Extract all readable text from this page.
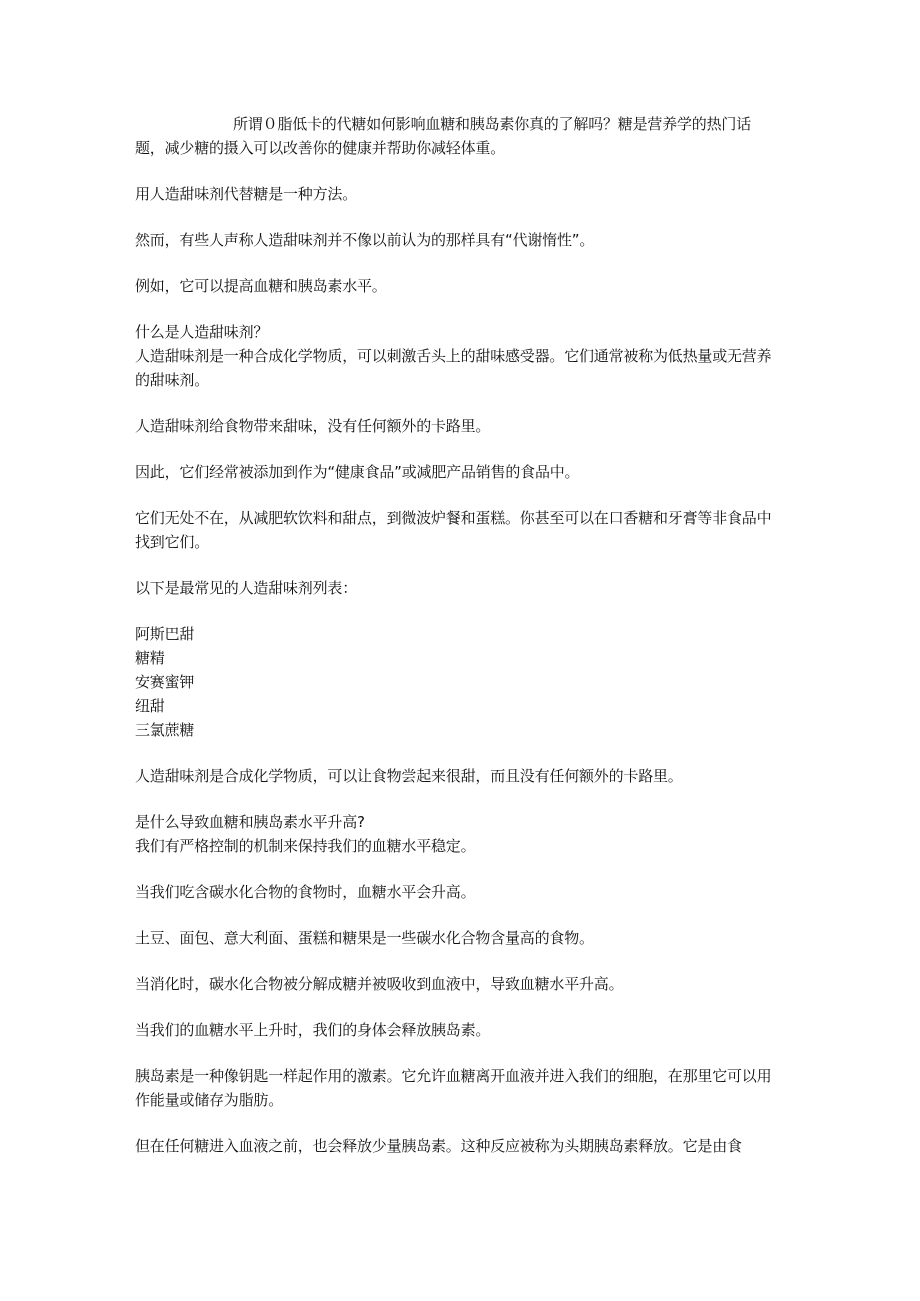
所谓０脂低卡的代糖如何影响血糖和胰岛素你真的了解吗？糖是营养学的热门话题，减少糖的摄入可以改善你的健康并帮助你减轻体重。

用人造甜味剂代替糖是一种方法。

然而，有些人声称人造甜味剂并不像以前认为的那样具有“代谢惰性”。

例如，它可以提高血糖和胰岛素水平。

什么是人造甜味剂？

人造甜味剂是一种合成化学物质，可以刺激舌头上的甜味感受器。它们通常被称为低热量或无营养的甜味剂。

人造甜味剂给食物带来甜味，没有任何额外的卡路里。

因此，它们经常被添加到作为“健康食品”或减肥产品销售的食品中。

它们无处不在，从减肥软饮料和甜点，到微波炉餐和蛋糕。你甚至可以在口香糖和牙膏等非食品中找到它们。

以下是最常见的人造甜味剂列表：

阿斯巴甜
糖精
安赛蜜钾
纽甜
三氯蔗糖

人造甜味剂是合成化学物质，可以让食物尝起来很甜，而且没有任何额外的卡路里。

是什么导致血糖和胰岛素水平升高?

我们有严格控制的机制来保持我们的血糖水平稳定。

当我们吃含碳水化合物的食物时，血糖水平会升高。

土豆、面包、意大利面、蛋糕和糖果是一些碳水化合物含量高的食物。

当消化时，碳水化合物被分解成糖并被吸收到血液中，导致血糖水平升高。

当我们的血糖水平上升时，我们的身体会释放胰岛素。

胰岛素是一种像钥匙一样起作用的激素。它允许血糖离开血液并进入我们的细胞，在那里它可以用作能量或储存为脂肪。

但在任何糖进入血液之前，也会释放少量胰岛素。这种反应被称为头期胰岛素释放。它是由食
